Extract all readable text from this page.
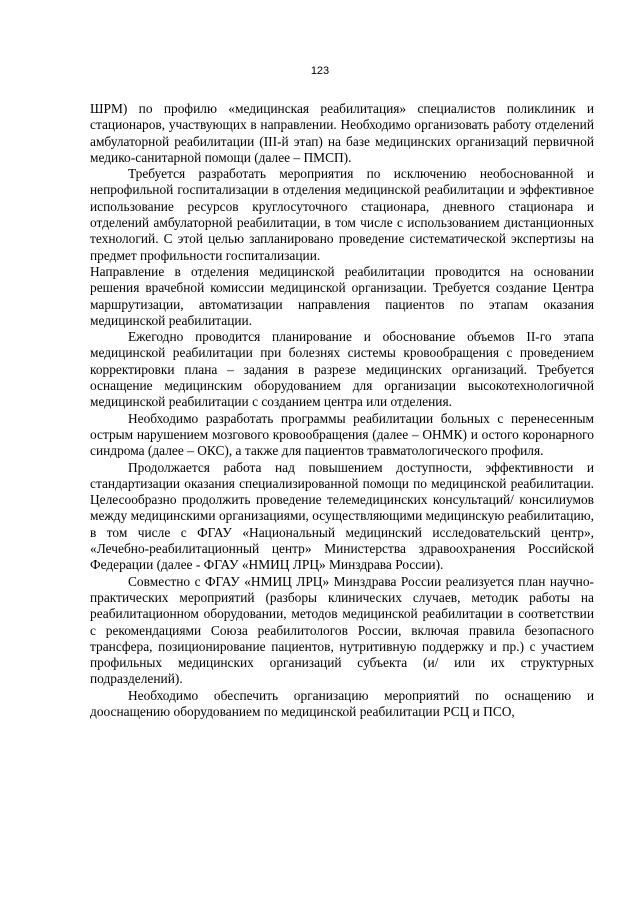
123

ШРМ) по профилю «медицинская реабилитация» специалистов поликлиник и стационаров, участвующих в направлении. Необходимо организовать работу отделений амбулаторной реабилитации (III-й этап) на базе медицинских организаций первичной медико-санитарной помощи (далее – ПМСП).

Требуется разработать мероприятия по исключению необоснованной и непрофильной госпитализации в отделения медицинской реабилитации и эффективное использование ресурсов круглосуточного стационара, дневного стационара и отделений амбулаторной реабилитации, в том числе с использованием дистанционных технологий. С этой целью запланировано проведение систематической экспертизы на предмет профильности госпитализации.

Направление в отделения медицинской реабилитации проводится на основании решения врачебной комиссии медицинской организации. Требуется создание Центра маршрутизации, автоматизации направления пациентов по этапам оказания медицинской реабилитации.

Ежегодно проводится планирование и обоснование объемов II-го этапа медицинской реабилитации при болезнях системы кровообращения с проведением корректировки плана – задания в разрезе медицинских организаций. Требуется оснащение медицинским оборудованием для организации высокотехнологичной медицинской реабилитации с созданием центра или отделения.

Необходимо разработать программы реабилитации больных с перенесенным острым нарушением мозгового кровообращения (далее – ОНМК) и остого коронарного синдрома (далее – ОКС), а также для пациентов травматологического профиля.

Продолжается работа над повышением доступности, эффективности и стандартизации оказания специализированной помощи по медицинской реабилитации. Целесообразно продолжить проведение телемедицинских консультаций/ консилиумов между медицинскими организациями, осуществляющими медицинскую реабилитацию, в том числе с ФГАУ «Национальный медицинский исследовательский центр», «Лечебно-реабилитационный центр» Министерства здравоохранения Российской Федерации (далее - ФГАУ «НМИЦ ЛРЦ» Минздрава России).

Совместно с ФГАУ «НМИЦ ЛРЦ» Минздрава России реализуется план научно-практических мероприятий (разборы клинических случаев, методик работы на реабилитационном оборудовании, методов медицинской реабилитации в соответствии с рекомендациями Союза реабилитологов России, включая правила безопасного трансфера, позиционирование пациентов, нутритивную поддержку и пр.) с участием профильных медицинских организаций субъекта (и/ или их структурных подразделений).

Необходимо обеспечить организацию мероприятий по оснащению и дооснащению оборудованием по медицинской реабилитации РСЦ и ПСО,
